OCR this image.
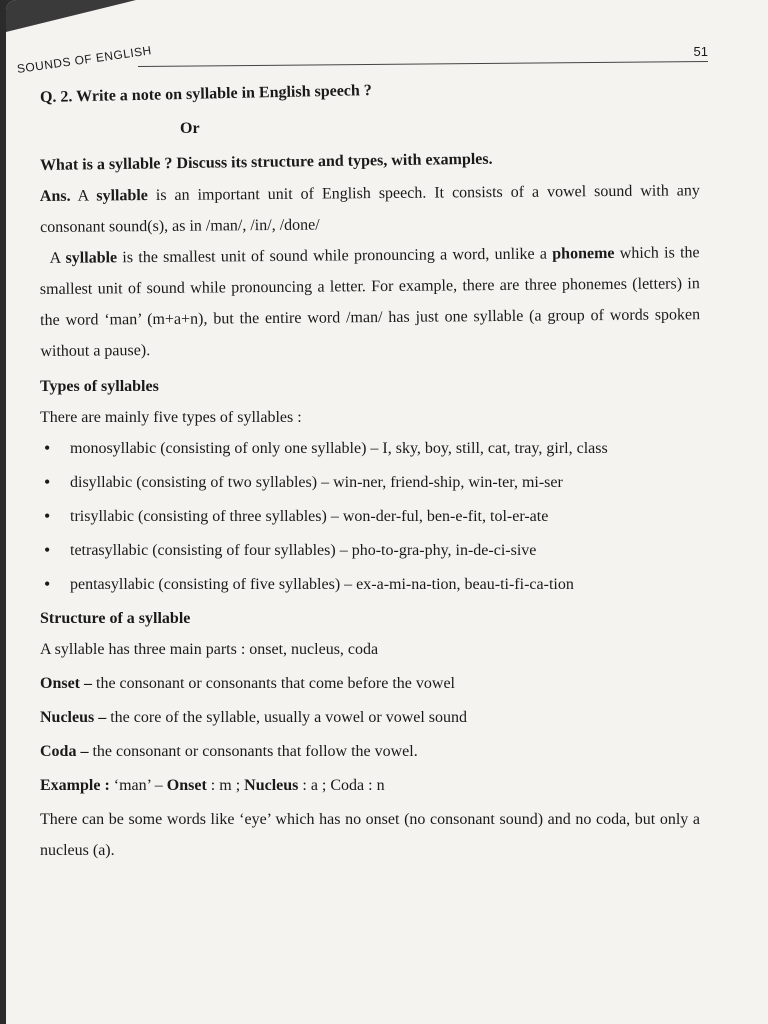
SOUNDS OF ENGLISH	51

Q. 2. Write a note on syllable in English speech ?

Or

What is a syllable ? Discuss its structure and types, with examples.

Ans. A syllable is an important unit of English speech. It consists of a vowel sound with any consonant sound(s), as in /man/, /in/, /done/

A syllable is the smallest unit of sound while pronouncing a word, unlike a phoneme which is the smallest unit of sound while pronouncing a letter. For example, there are three phonemes (letters) in the word ‘man’ (m+a+n), but the entire word /man/ has just one syllable (a group of words spoken without a pause).

Types of syllables

There are mainly five types of syllables :

• monosyllabic (consisting of only one syllable) – I, sky, boy, still, cat, tray, girl, class
• disyllabic (consisting of two syllables) – win-ner, friend-ship, win-ter, mi-ser
• trisyllabic (consisting of three syllables) – won-der-ful, ben-e-fit, tol-er-ate
• tetrasyllabic (consisting of four syllables) – pho-to-gra-phy, in-de-ci-sive
• pentasyllabic (consisting of five syllables) – ex-a-mi-na-tion, beau-ti-fi-ca-tion

Structure of a syllable

A syllable has three main parts : onset, nucleus, coda

Onset – the consonant or consonants that come before the vowel

Nucleus – the core of the syllable, usually a vowel or vowel sound

Coda – the consonant or consonants that follow the vowel.

Example : ‘man’ – Onset : m ; Nucleus : a ; Coda : n

There can be some words like ‘eye’ which has no onset (no consonant sound) and no coda, but only a nucleus (a).
